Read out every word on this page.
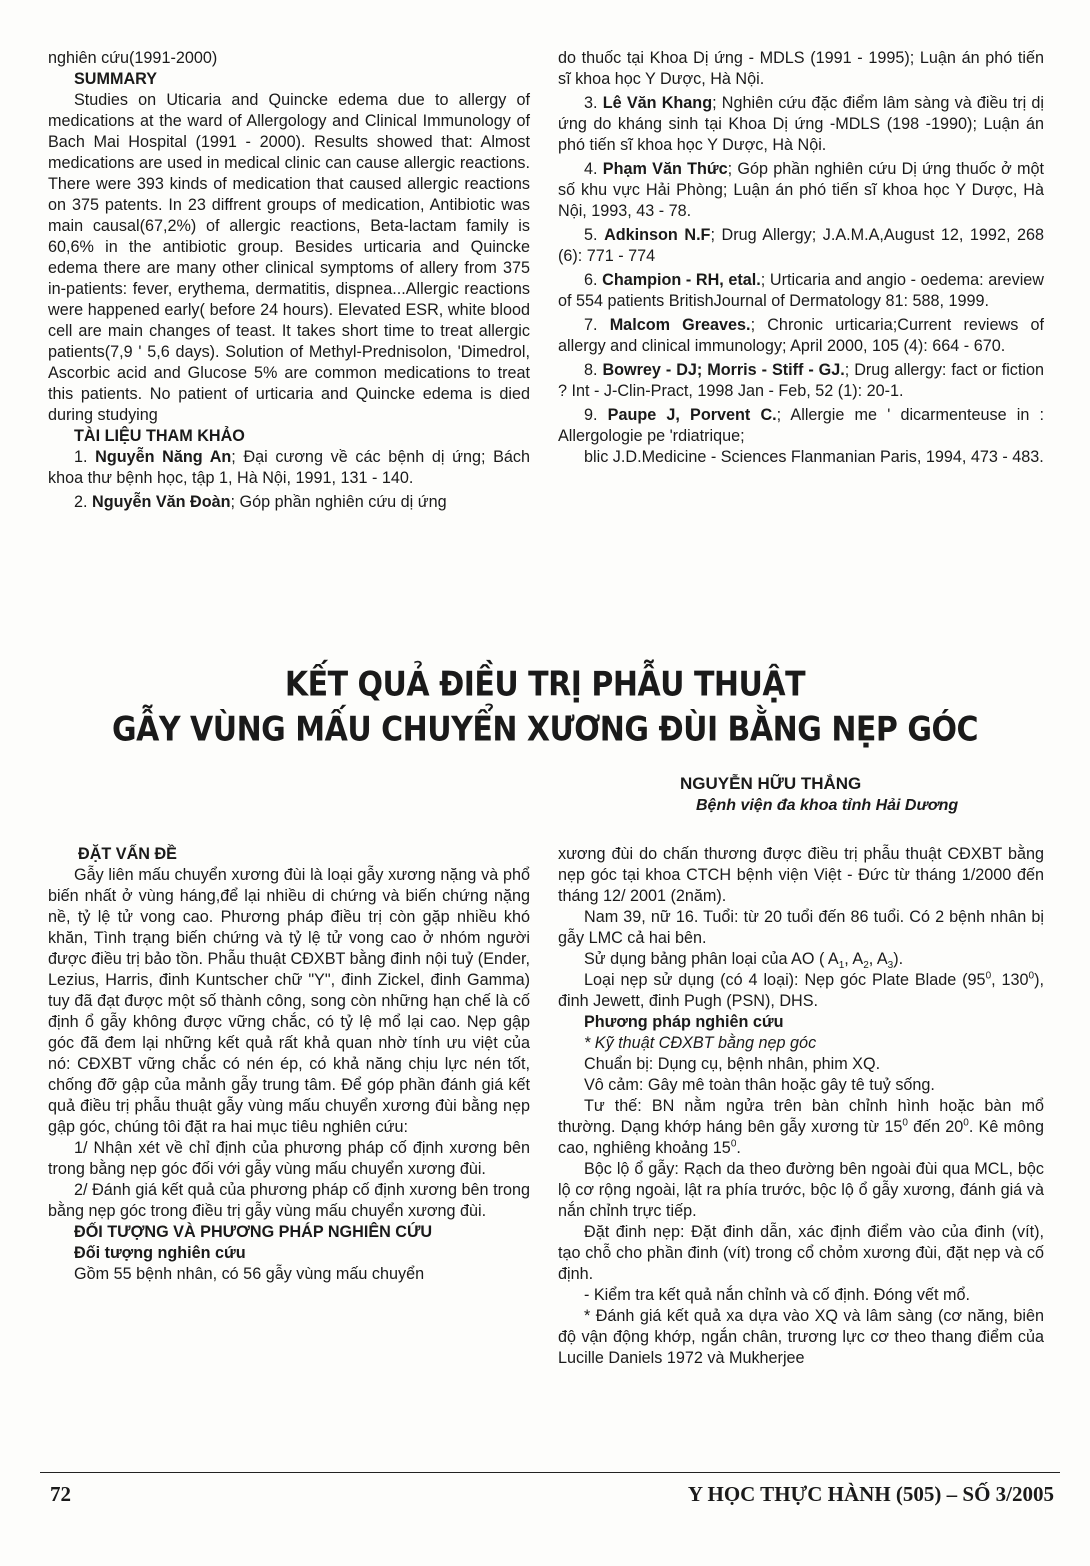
nghiên cứu(1991-2000)

SUMMARY

Studies on Uticaria and Quincke edema due to allergy of medications at the ward of Allergology and Clinical Immunology of Bach Mai Hospital (1991 - 2000). Results showed that: Almost medications are used in medical clinic can cause allergic reactions. There were 393 kinds of medication that caused allergic reactions on 375 patents. In 23 diffrent groups of medication, Antibiotic was main causal(67,2%) of allergic reactions, Beta-lactam family is 60,6% in the antibiotic group. Besides urticaria and Quincke edema there are many other clinical symptoms of allery from 375 in-patients: fever, erythema, dermatitis, dispnea...Allergic reactions were happened early( before 24 hours). Elevated ESR, white blood cell are main changes of teast. It takes short time to treat allergic patients(7,9 ' 5,6 days). Solution of Methyl-Prednisolon, 'Dimedrol, Ascorbic acid and Glucose 5% are common medications to treat this patients. No patient of urticaria and Quincke edema is died during studying

TÀI LIỆU THAM KHẢO

1. Nguyễn Năng An; Đại cương về các bệnh dị ứng; Bách khoa thư bệnh học, tập 1, Hà Nội, 1991, 131 - 140.

2. Nguyễn Văn Đoàn; Góp phần nghiên cứu dị ứng

do thuốc tại Khoa Dị ứng - MDLS (1991 - 1995); Luận án phó tiến sĩ khoa học Y Dược, Hà Nội.

3. Lê Văn Khang; Nghiên cứu đặc điểm lâm sàng và điều trị dị ứng do kháng sinh tại Khoa Dị ứng -MDLS (198 -1990); Luận án phó tiến sĩ khoa học Y Dược, Hà Nội.

4. Phạm Văn Thức; Góp phần nghiên cứu Dị ứng thuốc ở một số khu vực Hải Phòng; Luận án phó tiến sĩ khoa học Y Dược, Hà Nội, 1993, 43 - 78.

5. Adkinson N.F; Drug Allergy; J.A.M.A,August 12, 1992, 268 (6): 771 - 774

6. Champion - RH, etal.; Urticaria and angio - oedema: areview of 554 patients BritishJournal of Dermatology 81: 588, 1999.

7. Malcom Greaves.; Chronic urticaria;Current reviews of allergy and clinical immunology; April 2000, 105 (4): 664 - 670.

8. Bowrey - DJ; Morris - Stiff - GJ.; Drug allergy: fact or fiction ? Int - J-Clin-Pract, 1998 Jan - Feb, 52 (1): 20-1.

9. Paupe J, Porvent C.; Allergie me ' dicarmenteuse in : Allergologie pe 'rdiatrique;

blic J.D.Medicine - Sciences Flanmanian Paris, 1994, 473 - 483.

KẾT QUẢ ĐIỀU TRỊ PHẪU THUẬT
GẪY VÙNG MẤU CHUYỂN XƯƠNG ĐÙI BẰNG NẸP GÓC
NGUYỄN HỮU THẮNG
Bệnh viện đa khoa tỉnh Hải Dương

ĐẶT VẤN ĐỀ

Gẫy liên mấu chuyển xương đùi là loại gẫy xương nặng và phổ biến nhất ở vùng háng,để lại nhiều di chứng và biến chứng nặng nề, tỷ lệ tử vong cao. Phương pháp điều trị còn gặp nhiều khó khăn, Tình trạng biến chứng và tỷ lệ tử vong cao ở nhóm người được điều trị bảo tồn. Phẫu thuật CĐXBT bằng đinh nội tuỷ (Ender, Lezius, Harris, đinh Kuntscher chữ "Y", đinh Zickel, đinh Gamma) tuy đã đạt được một số thành công, song còn những hạn chế là cố định ổ gẫy không được vững chắc, có tỷ lệ mổ lại cao. Nẹp gập góc đã đem lại những kết quả rất khả quan nhờ tính ưu việt của nó: CĐXBT vững chắc có nén ép, có khả năng chịu lực nén tốt, chống đỡ gập của mảnh gẫy trung tâm. Để góp phần đánh giá kết quả điều trị phẫu thuật gẫy vùng mấu chuyển xương đùi bằng nẹp gập góc, chúng tôi đặt ra hai mục tiêu nghiên cứu:

1/ Nhận xét về chỉ định của phương pháp cố định xương bên trong bằng nẹp góc đối với gẫy vùng mấu chuyển xương đùi.

2/ Đánh giá kết quả của phương pháp cố định xương bên trong bằng nẹp góc trong điều trị gẫy vùng mấu chuyển xương đùi.

ĐỐI TƯỢNG VÀ PHƯƠNG PHÁP NGHIÊN CỨU

Đối tượng nghiên cứu

Gồm 55 bệnh nhân, có 56 gẫy vùng mấu chuyển

xương đùi do chấn thương được điều trị phẫu thuật CĐXBT bằng nẹp góc tại khoa CTCH bệnh viện Việt - Đức từ tháng 1/2000 đến tháng 12/ 2001 (2năm).

Nam 39, nữ 16. Tuổi: từ 20 tuổi đến 86 tuổi. Có 2 bệnh nhân bị gẫy LMC cả hai bên.

Sử dụng bảng phân loại của AO ( $A_1$, $A_2$, $A_3$).

Loại nẹp sử dụng (có 4 loại): Nẹp góc Plate Blade ($95^0$, $130^0$), đinh Jewett, đinh Pugh (PSN), DHS.

Phương pháp nghiên cứu

* Kỹ thuật CĐXBT bằng nẹp góc

Chuẩn bị: Dụng cụ, bệnh nhân, phim XQ.

Vô cảm: Gây mê toàn thân hoặc gây tê tuỷ sống.

Tư thế: BN nằm ngửa trên bàn chỉnh hình hoặc bàn mổ thường. Dạng khớp háng bên gẫy xương từ $15^0$ đến $20^0$. Kê mông cao, nghiêng khoảng $15^0$.

Bộc lộ ổ gẫy: Rạch da theo đường bên ngoài đùi qua MCL, bộc lộ cơ rộng ngoài, lật ra phía trước, bộc lộ ổ gẫy xương, đánh giá và nắn chỉnh trực tiếp.

Đặt đinh nẹp: Đặt đinh dẫn, xác định điểm vào của đinh (vít), tạo chỗ cho phần đinh (vít) trong cổ chỏm xương đùi, đặt nẹp và cố định.

- Kiểm tra kết quả nắn chỉnh và cố định. Đóng vết mổ.

* Đánh giá kết quả xa dựa vào XQ và lâm sàng (cơ năng, biên độ vận động khớp, ngắn chân, trương lực cơ theo thang điểm của Lucille Daniels 1972 và Mukherjee

72	Y HỌC THỰC HÀNH (505) – SỐ 3/2005
